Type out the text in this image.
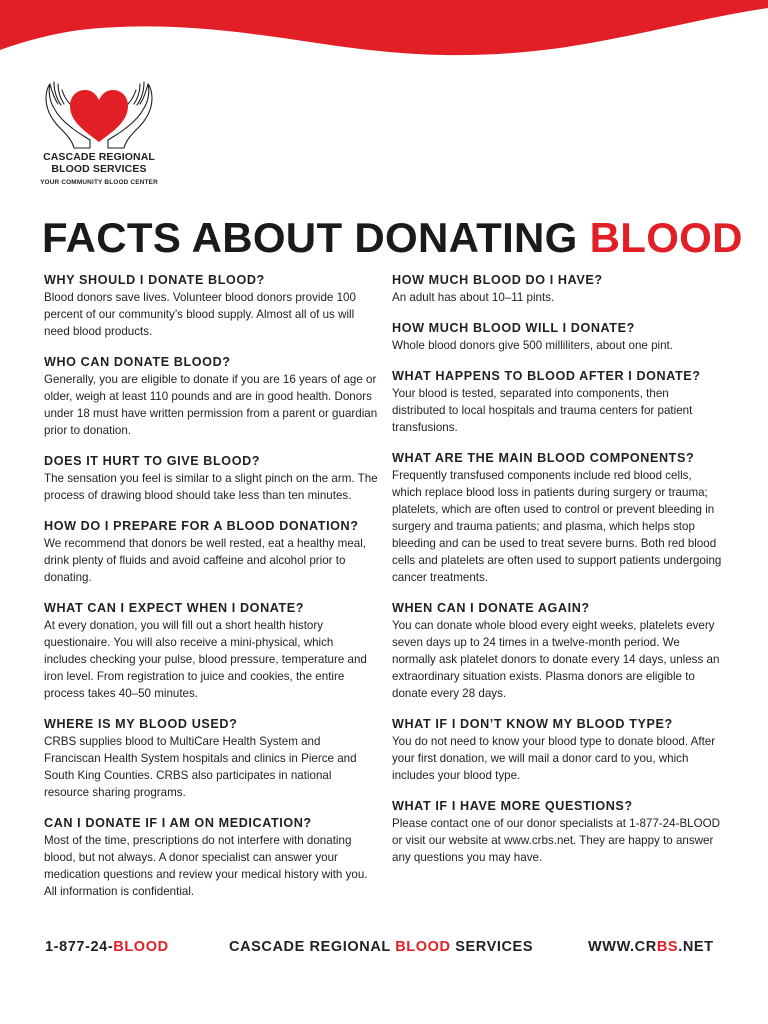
CASCADE REGIONAL
BLOOD SERVICES
YOUR COMMUNITY BLOOD CENTER
FACTS ABOUT DONATING BLOOD
WHY SHOULD I DONATE BLOOD?

Blood donors save lives. Volunteer blood donors provide 100 percent of our community’s blood supply. Almost all of us will need blood products.

WHO CAN DONATE BLOOD?

Generally, you are eligible to donate if you are 16 years of age or older, weigh at least 110 pounds and are in good health. Donors under 18 must have written permission from a parent or guardian prior to donation.

DOES IT HURT TO GIVE BLOOD?

The sensation you feel is similar to a slight pinch on the arm. The process of drawing blood should take less than ten minutes.

HOW DO I PREPARE FOR A BLOOD DONATION?

We recommend that donors be well rested, eat a healthy meal, drink plenty of fluids and avoid caffeine and alcohol prior to donating.

WHAT CAN I EXPECT WHEN I DONATE?

At every donation, you will fill out a short health history questionaire. You will also receive a mini-physical, which includes checking your pulse, blood pressure, temperature and iron level. From registration to juice and cookies, the entire process takes 40–50 minutes.

WHERE IS MY BLOOD USED?

CRBS supplies blood to MultiCare Health System and Franciscan Health System hospitals and clinics in Pierce and South King Counties. CRBS also participates in national resource sharing programs.

CAN I DONATE IF I AM ON MEDICATION?

Most of the time, prescriptions do not interfere with donating blood, but not always. A donor specialist can answer your medication questions and review your medical history with you. All information is confidential.

HOW MUCH BLOOD DO I HAVE?

An adult has about 10–11 pints.

HOW MUCH BLOOD WILL I DONATE?

Whole blood donors give 500 milliliters, about one pint.

WHAT HAPPENS TO BLOOD AFTER I DONATE?

Your blood is tested, separated into components, then distributed to local hospitals and trauma centers for patient transfusions.

WHAT ARE THE MAIN BLOOD COMPONENTS?

Frequently transfused components include red blood cells, which replace blood loss in patients during surgery or trauma; platelets, which are often used to control or prevent bleeding in surgery and trauma patients; and plasma, which helps stop bleeding and can be used to treat severe burns. Both red blood cells and platelets are often used to support patients undergoing cancer treatments.

WHEN CAN I DONATE AGAIN?

You can donate whole blood every eight weeks, platelets every seven days up to 24 times in a twelve-month period. We normally ask platelet donors to donate every 14 days, unless an extraordinary situation exists. Plasma donors are eligible to donate every 28 days.

WHAT IF I DON’T KNOW MY BLOOD TYPE?

You do not need to know your blood type to donate blood. After your first donation, we will mail a donor card to you, which includes your blood type.

WHAT IF I HAVE MORE QUESTIONS?

Please contact one of our donor specialists at 1-877-24-BLOOD or visit our website at www.crbs.net. They are happy to answer any questions you may have.

1-877-24-BLOOD	CASCADE REGIONAL BLOOD SERVICES	WWW.CRBS.NET
